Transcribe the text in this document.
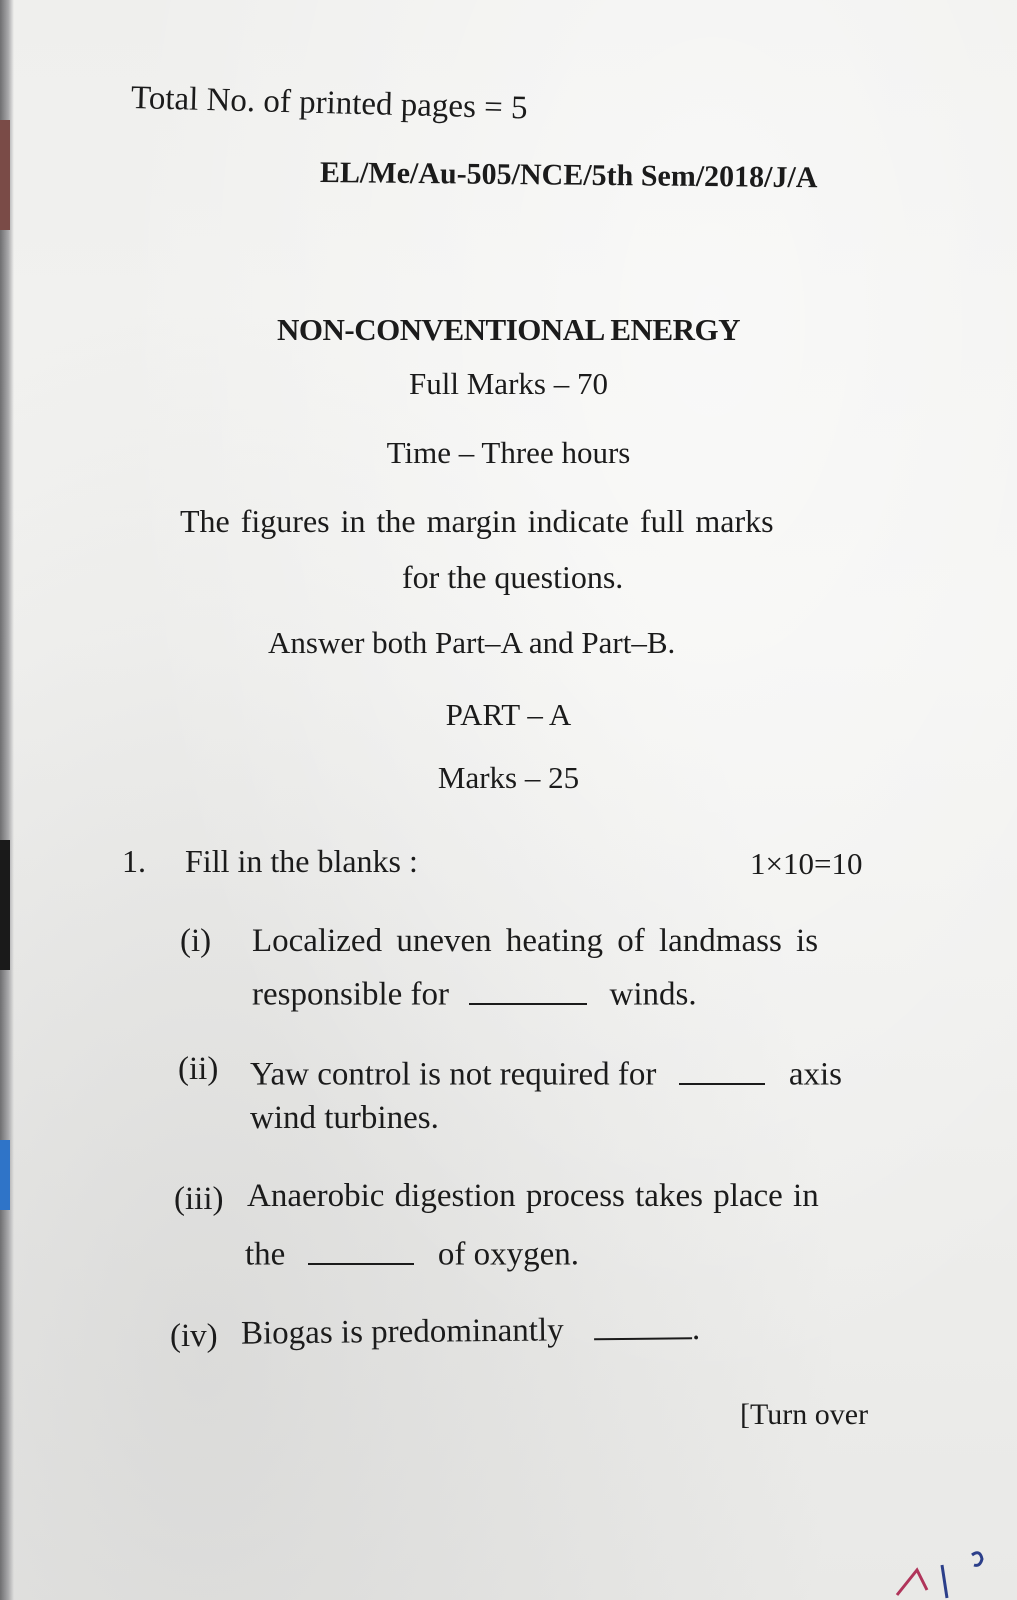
Total No. of printed pages = 5

EL/Me/Au-505/NCE/5th Sem/2018/J/A

NON-CONVENTIONAL ENERGY

Full Marks – 70

Time – Three hours

The figures in the margin indicate full marks

for the questions.

Answer both Part–A and Part–B.

PART – A

Marks – 25

1. Fill in the blanks :	1×10=10

(i) Localized uneven heating of landmass is

responsible for	winds.

(ii) Yaw control is not required for	axis

wind turbines.

(iii) Anaerobic digestion process takes place in

the	of oxygen.

(iv) Biogas is predominantly	.

[Turn over
